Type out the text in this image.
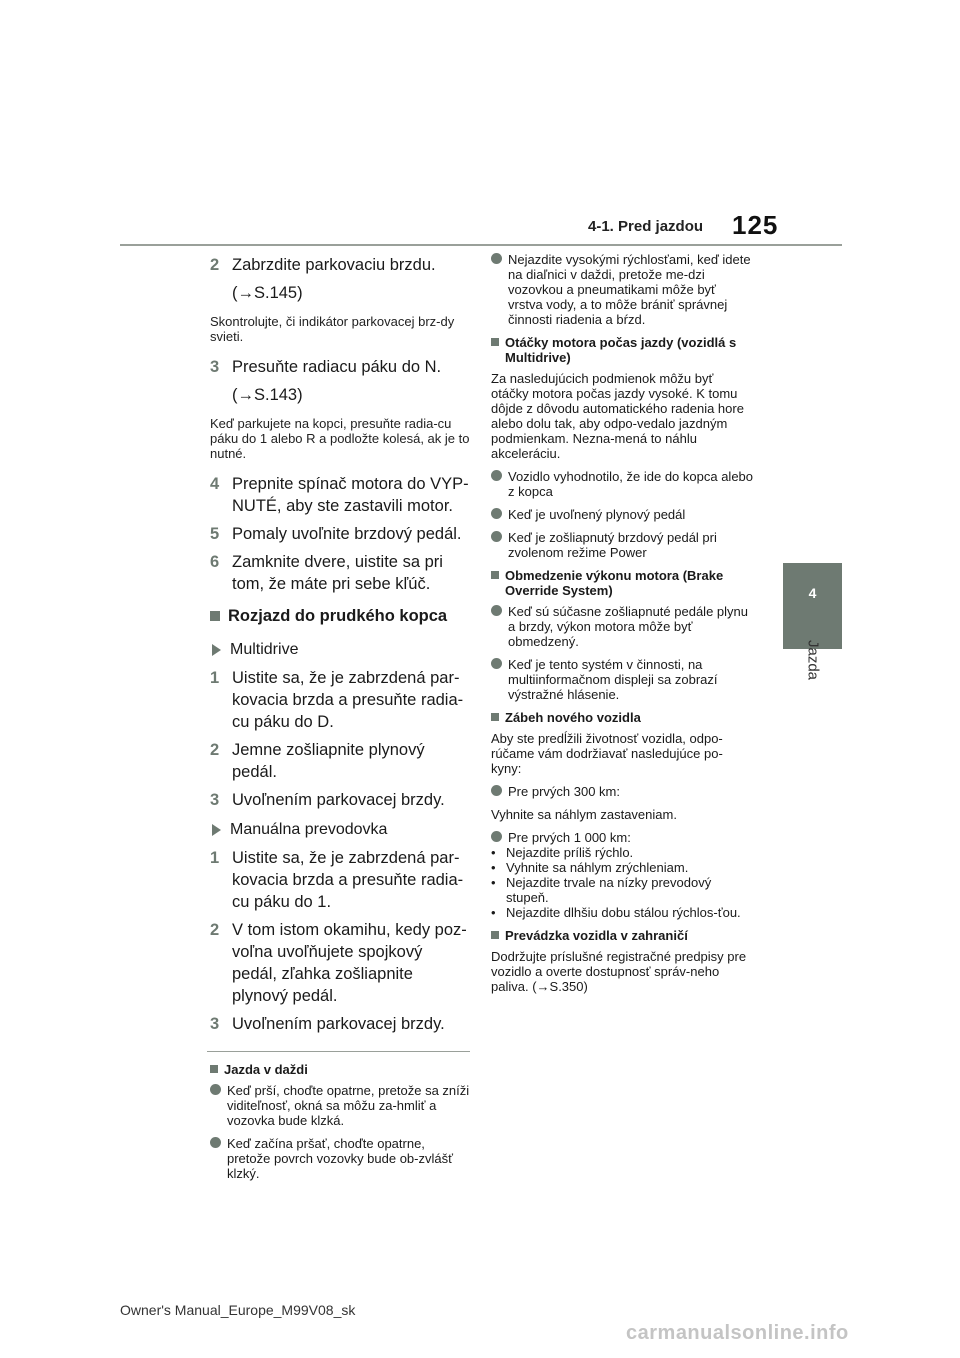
4-1. Pred jazdou 125
4
Jazda
2 Zabrzdite parkovaciu brzdu.
(→S.145)
Skontrolujte, či indikátor parkovacej brz-dy svieti.
3 Presuňte radiacu páku do N.
(→S.143)
Keď parkujete na kopci, presuňte radia-cu páku do 1 alebo R a podložte kolesá, ak je to nutné.
4 Prepnite spínač motora do VYP-NUTÉ, aby ste zastavili motor.
5 Pomaly uvoľnite brzdový pedál.
6 Zamknite dvere, uistite sa pri tom, že máte pri sebe kľúč.
Rozjazd do prudkého kopca
Multidrive
1 Uistite sa, že je zabrzdená par-kovacia brzda a presuňte radia-cu páku do D.
2 Jemne zošliapnite plynový pedál.
3 Uvoľnením parkovacej brzdy.
Manuálna prevodovka
1 Uistite sa, že je zabrzdená par-kovacia brzda a presuňte radia-cu páku do 1.
2 V tom istom okamihu, kedy poz-voľna uvoľňujete spojkový pedál, zľahka zošliapnite plynový pedál.
3 Uvoľnením parkovacej brzdy.
Jazda v daždi
Keď prší, choďte opatrne, pretože sa zníži viditeľnosť, okná sa môžu za-hmliť a vozovka bude klzká.
Keď začína pršať, choďte opatrne, pretože povrch vozovky bude ob-zvlášť klzký.
Nejazdite vysokými rýchlosťami, keď idete na diaľnici v daždi, pretože me-dzi vozovkou a pneumatikami môže byť vrstva vody, a to môže brániť správnej činnosti riadenia a bŕzd.
Otáčky motora počas jazdy (vozidlá s Multidrive)
Za nasledujúcich podmienok môžu byť otáčky motora počas jazdy vysoké. K tomu dôjde z dôvodu automatického radenia hore alebo dolu tak, aby odpo-vedalo jazdným podmienkam. Nezna-mená to náhlu akceleráciu.
Vozidlo vyhodnotilo, že ide do kopca alebo z kopca
Keď je uvoľnený plynový pedál
Keď je zošliapnutý brzdový pedál pri zvolenom režime Power
Obmedzenie výkonu motora (Brake Override System)
Keď sú súčasne zošliapnuté pedále plynu a brzdy, výkon motora môže byť obmedzený.
Keď je tento systém v činnosti, na multiinformačnom displeji sa zobrazí výstražné hlásenie.
Zábeh nového vozidla
Aby ste predĺžili životnosť vozidla, odpo-rúčame vám dodržiavať nasledujúce po-kyny:
Pre prvých 300 km:
Vyhnite sa náhlym zastaveniam.
Pre prvých 1 000 km:
• Nejazdite príliš rýchlo.
• Vyhnite sa náhlym zrýchleniam.
• Nejazdite trvale na nízky prevodový stupeň.
• Nejazdite dlhšiu dobu stálou rýchlos-ťou.
Prevádzka vozidla v zahraničí
Dodržujte príslušné registračné predpisy pre vozidlo a overte dostupnosť správ-neho paliva. (→S.350)
Owner's Manual_Europe_M99V08_sk
carmanualsonline.info
